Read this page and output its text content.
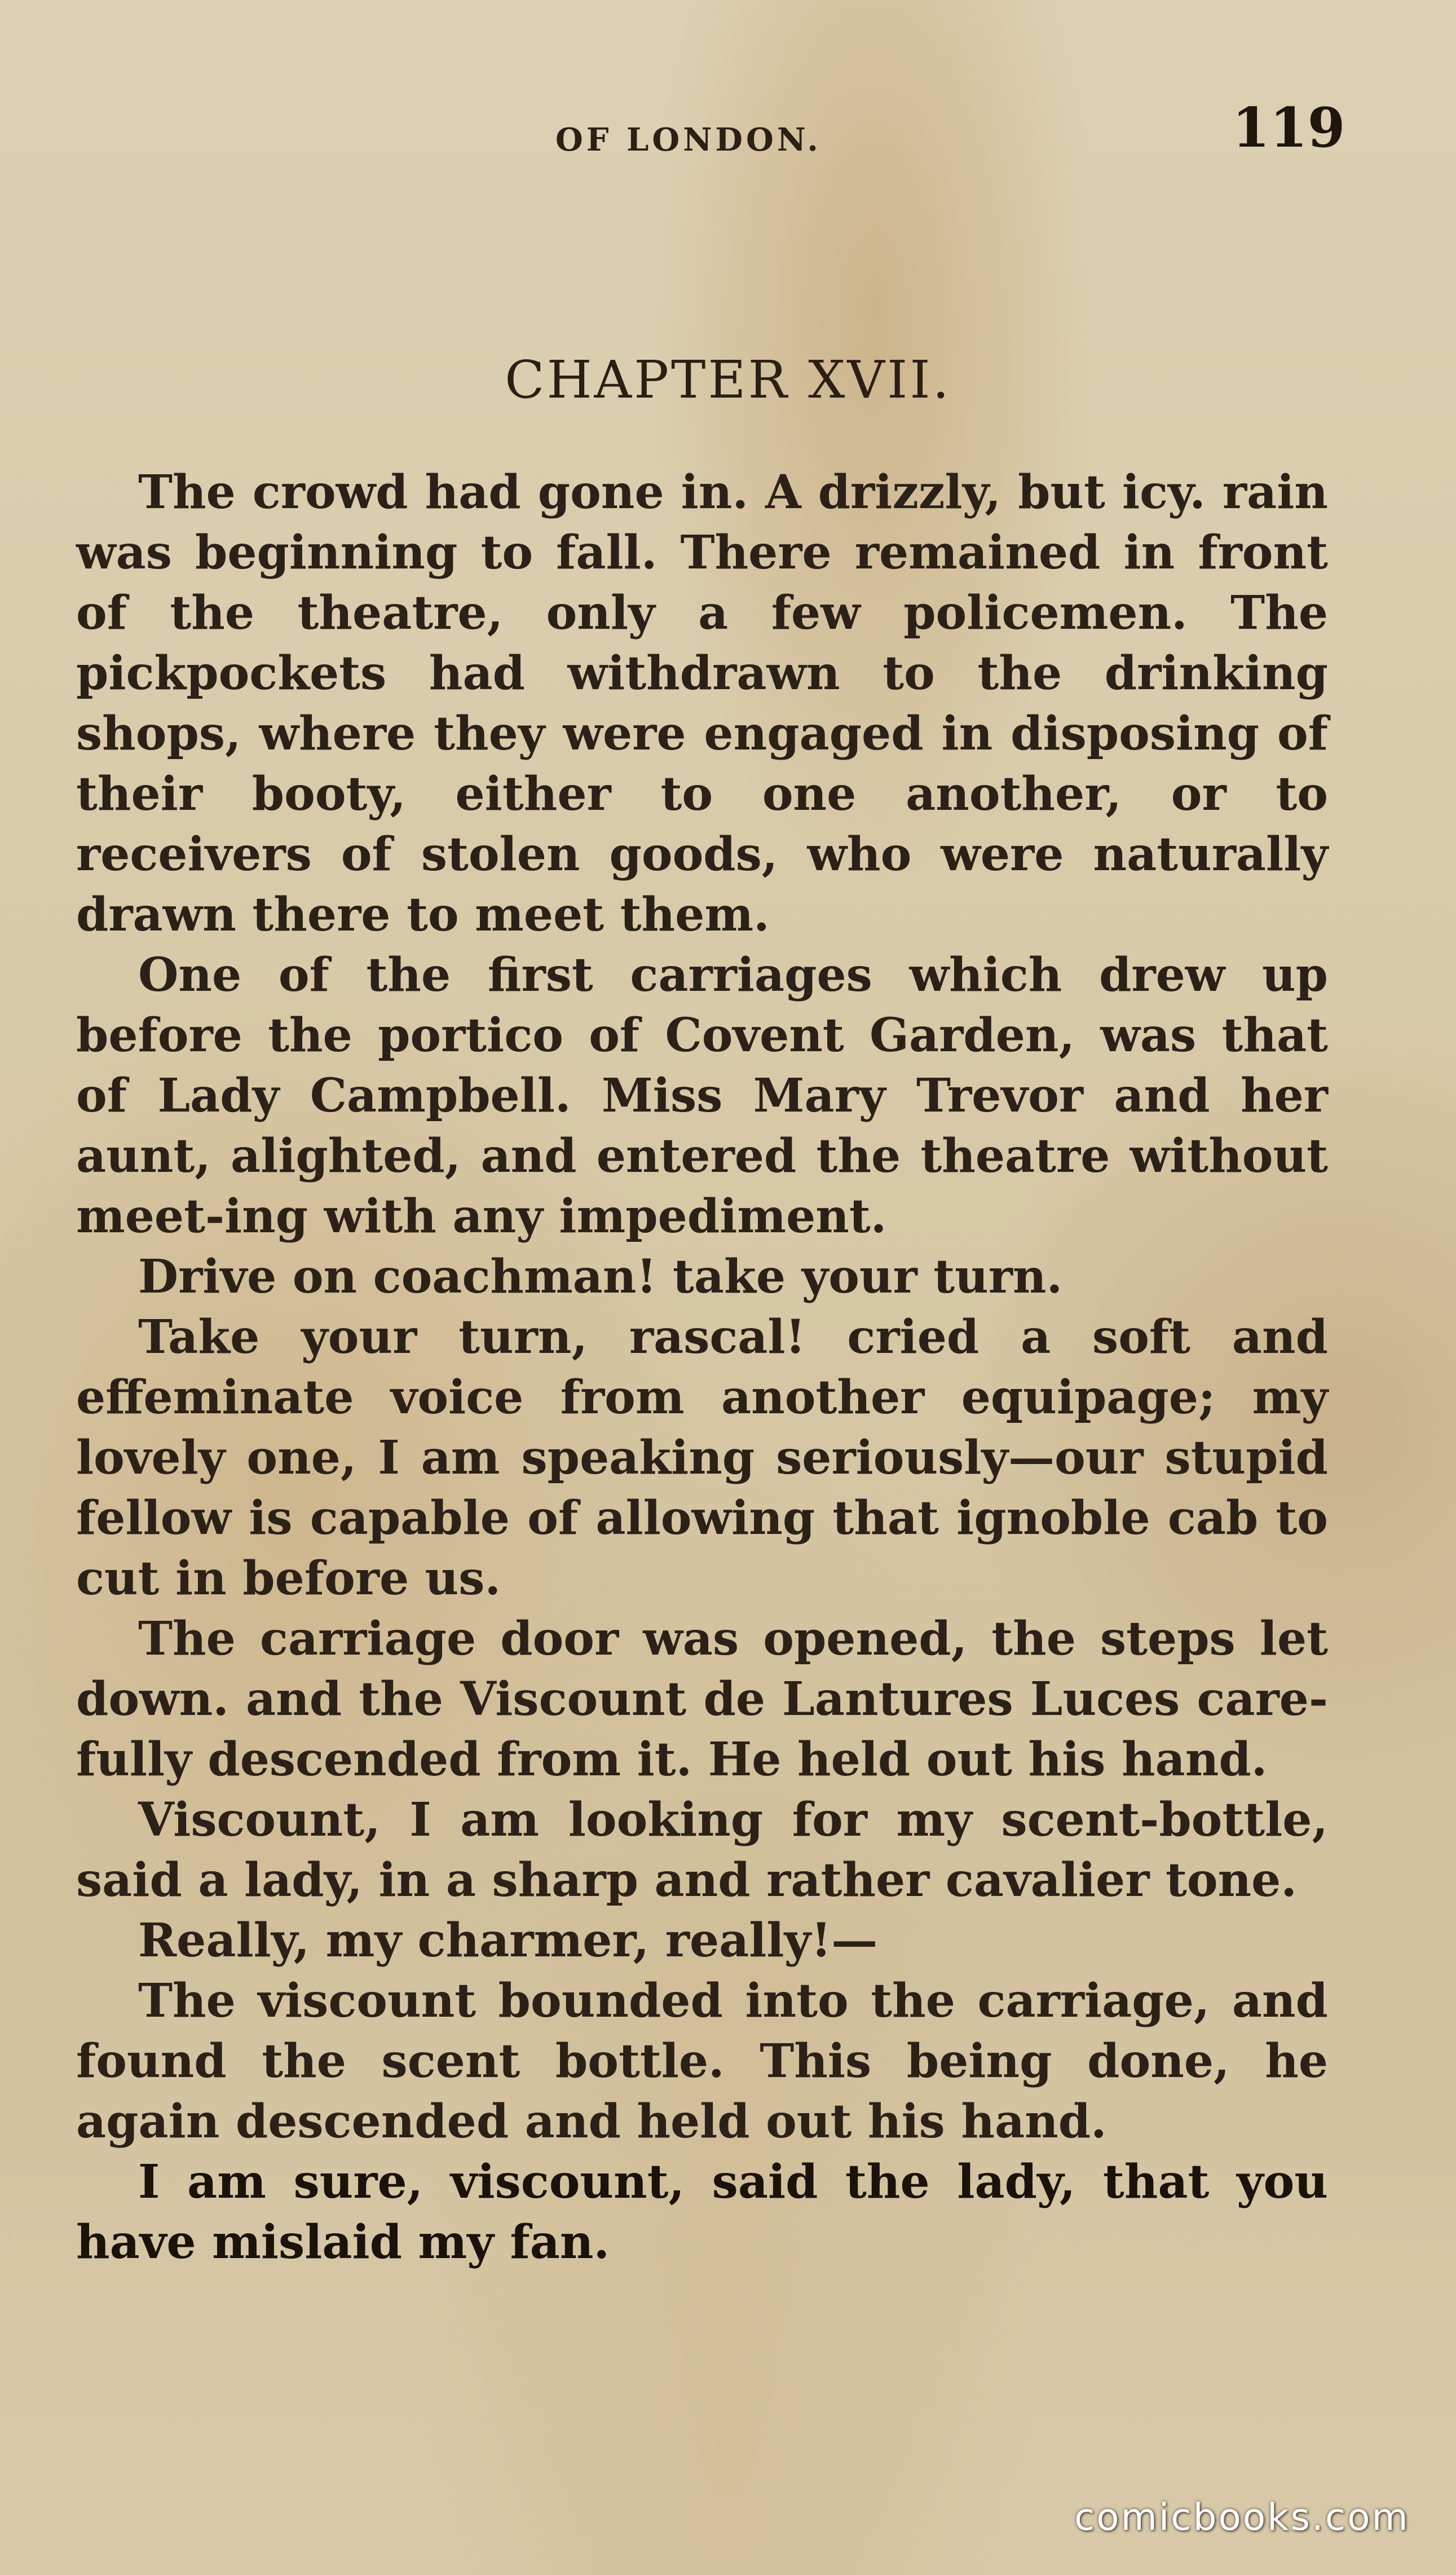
OF LONDON.	119
CHAPTER XVII.

The crowd had gone in. A drizzly, but icy. rain was beginning to fall. There remained in front of the theatre, only a few policemen. The pickpockets had withdrawn to the drinking shops, where they were engaged in disposing of their booty, either to one another, or to receivers of stolen goods, who were naturally drawn there to meet them.

One of the first carriages which drew up before the portico of Covent Garden, was that of Lady Campbell. Miss Mary Trevor and her aunt, alighted, and entered the theatre without meet-ing with any impediment.

Drive on coachman! take your turn.

Take your turn, rascal! cried a soft and effeminate voice from another equipage; my lovely one, I am speaking seriously—our stupid fellow is capable of allowing that ignoble cab to cut in before us.

The carriage door was opened, the steps let down. and the Viscount de Lantures Luces care-fully descended from it. He held out his hand.

Viscount, I am looking for my scent-bottle, said a lady, in a sharp and rather cavalier tone.

Really, my charmer, really!—

The viscount bounded into the carriage, and found the scent bottle. This being done, he again descended and held out his hand.

I am sure, viscount, said the lady, that you have mislaid my fan.

comicbooks.com
